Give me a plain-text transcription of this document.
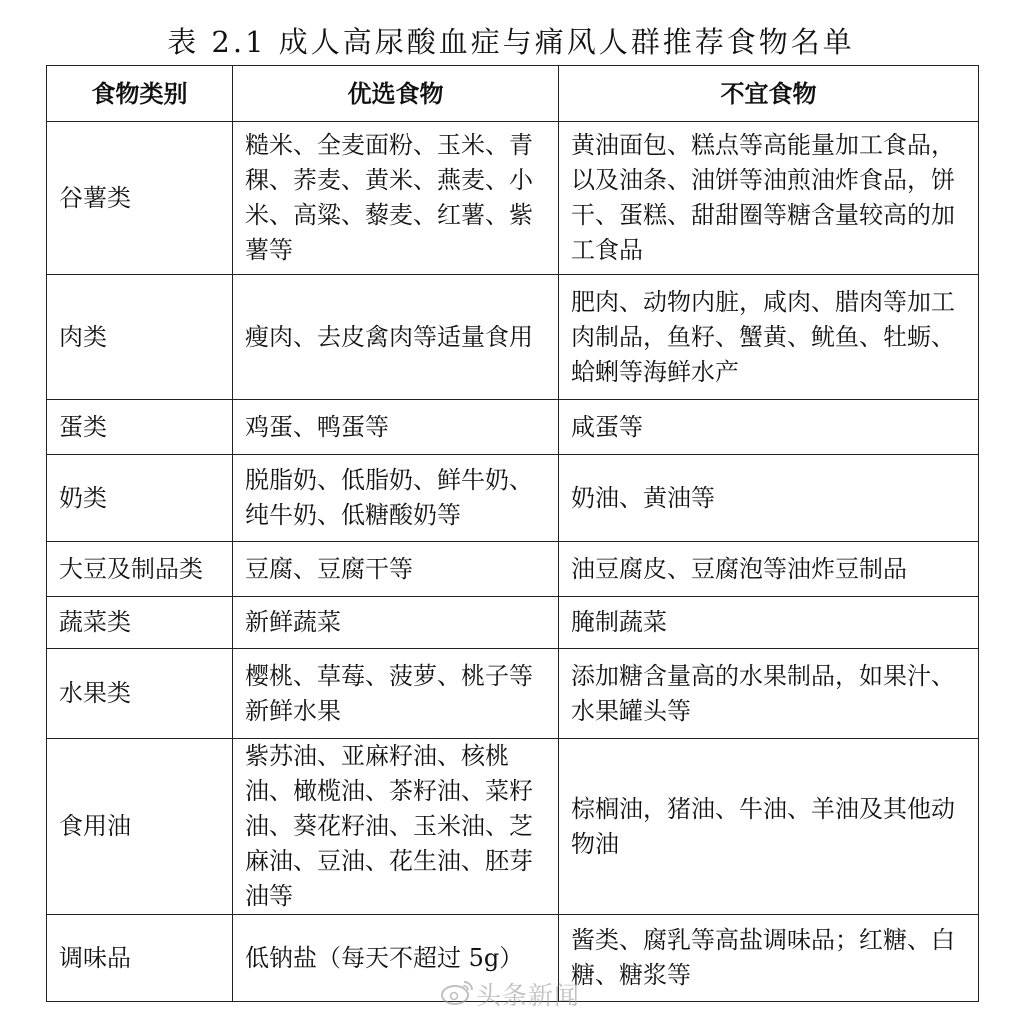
表 2.1 成人高尿酸血症与痛风人群推荐食物名单
食物类别	优选食物	不宜食物
谷薯类	糙米、全麦面粉、玉米、青稞、荞麦、黄米、燕麦、小米、高粱、藜麦、红薯、紫薯等	黄油面包、糕点等高能量加工食品，以及油条、油饼等油煎油炸食品，饼干、蛋糕、甜甜圈等糖含量较高的加工食品
肉类	瘦肉、去皮禽肉等适量食用	肥肉、动物内脏，咸肉、腊肉等加工肉制品，鱼籽、蟹黄、鱿鱼、牡蛎、蛤蜊等海鲜水产
蛋类	鸡蛋、鸭蛋等	咸蛋等
奶类	脱脂奶、低脂奶、鲜牛奶、纯牛奶、低糖酸奶等	奶油、黄油等
大豆及制品类	豆腐、豆腐干等	油豆腐皮、豆腐泡等油炸豆制品
蔬菜类	新鲜蔬菜	腌制蔬菜
水果类	樱桃、草莓、菠萝、桃子等新鲜水果	添加糖含量高的水果制品，如果汁、水果罐头等
食用油	紫苏油、亚麻籽油、核桃油、橄榄油、茶籽油、菜籽油、葵花籽油、玉米油、芝麻油、豆油、花生油、胚芽油等	棕榈油，猪油、牛油、羊油及其他动物油
调味品	低钠盐（每天不超过 5g）	酱类、腐乳等高盐调味品；红糖、白糖、糖浆等
头条新闻
